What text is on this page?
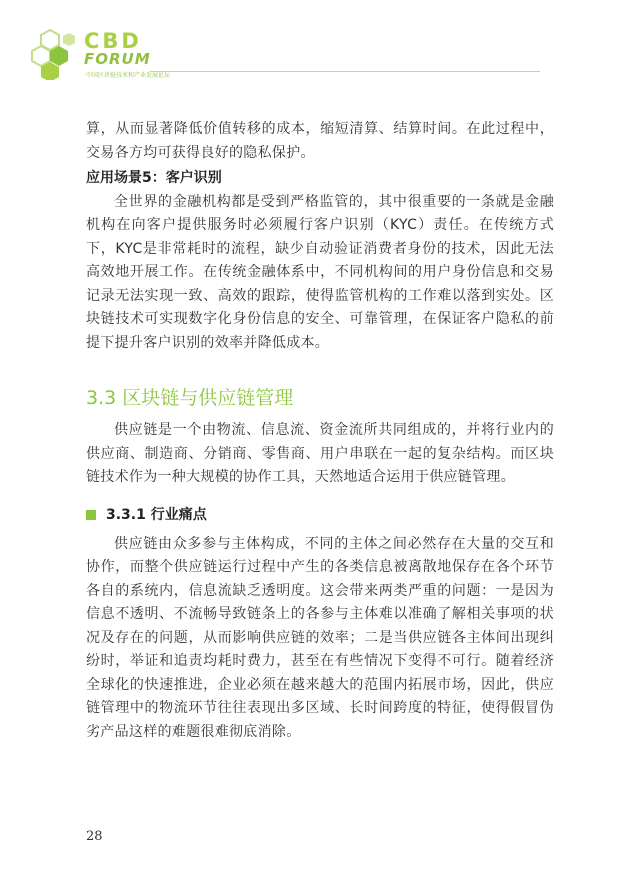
CBD
FORUM
中国区块链技术和产业发展论坛

算，从而显著降低价值转移的成本，缩短清算、结算时间。在此过程中，交易各方均可获得良好的隐私保护。

应用场景5：客户识别

全世界的金融机构都是受到严格监管的，其中很重要的一条就是金融机构在向客户提供服务时必须履行客户识别（KYC）责任。在传统方式下，KYC是非常耗时的流程，缺少自动验证消费者身份的技术，因此无法高效地开展工作。在传统金融体系中，不同机构间的用户身份信息和交易记录无法实现一致、高效的跟踪，使得监管机构的工作难以落到实处。区块链技术可实现数字化身份信息的安全、可靠管理，在保证客户隐私的前提下提升客户识别的效率并降低成本。

3.3 区块链与供应链管理

供应链是一个由物流、信息流、资金流所共同组成的，并将行业内的供应商、制造商、分销商、零售商、用户串联在一起的复杂结构。而区块链技术作为一种大规模的协作工具，天然地适合运用于供应链管理。

3.3.1 行业痛点

供应链由众多参与主体构成，不同的主体之间必然存在大量的交互和协作，而整个供应链运行过程中产生的各类信息被离散地保存在各个环节各自的系统内，信息流缺乏透明度。这会带来两类严重的问题：一是因为信息不透明、不流畅导致链条上的各参与主体难以准确了解相关事项的状况及存在的问题，从而影响供应链的效率；二是当供应链各主体间出现纠纷时，举证和追责均耗时费力，甚至在有些情况下变得不可行。随着经济全球化的快速推进，企业必须在越来越大的范围内拓展市场，因此，供应链管理中的物流环节往往表现出多区域、长时间跨度的特征，使得假冒伪劣产品这样的难题很难彻底消除。

28
